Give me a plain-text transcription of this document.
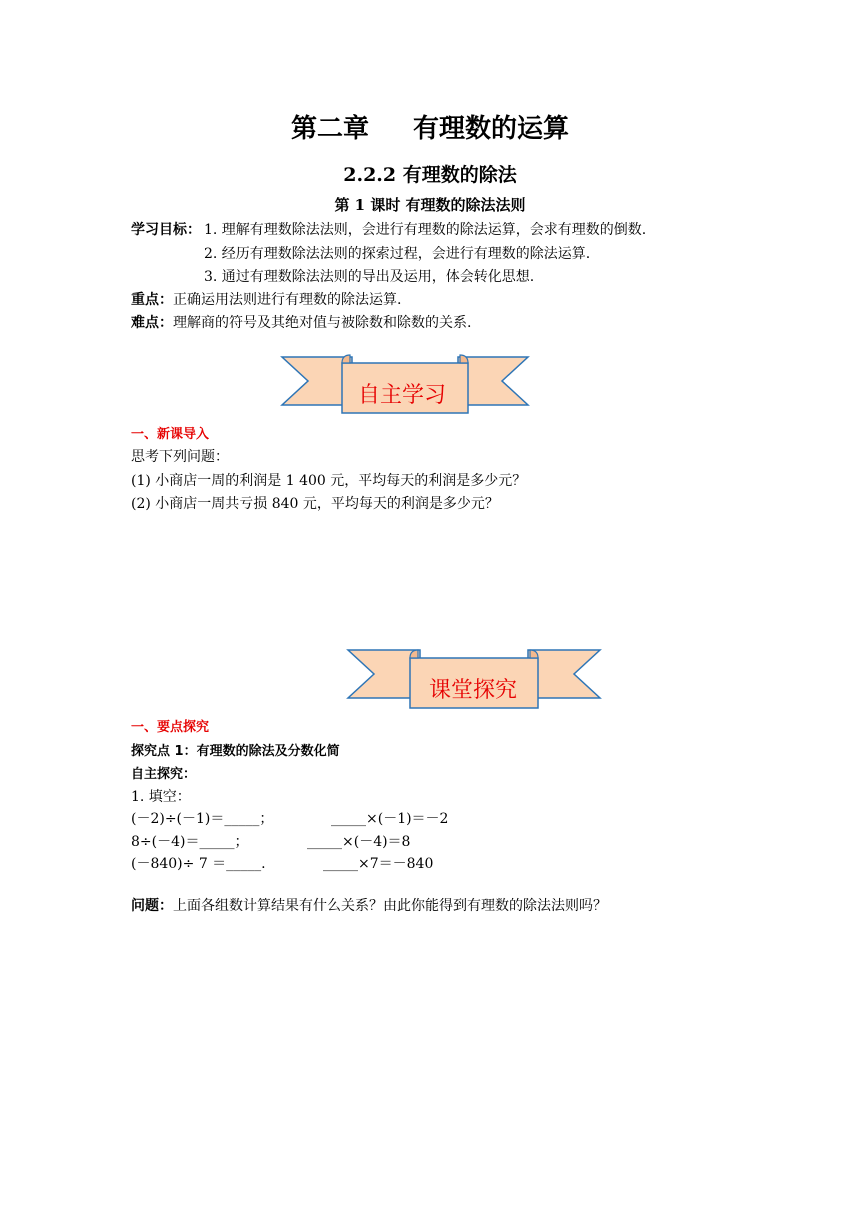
第二章 有理数的运算
2.2.2 有理数的除法
第 1 课时 有理数的除法法则
学习目标： 1. 理解有理数除法法则，会进行有理数的除法运算，会求有理数的倒数.
2. 经历有理数除法法则的探索过程，会进行有理数的除法运算.
3. 通过有理数除法法则的导出及运用，体会转化思想.
重点：正确运用法则进行有理数的除法运算.
难点：理解商的符号及其绝对值与被除数和除数的关系.
自主学习
一、新课导入
思考下列问题：
(1) 小商店一周的利润是 1 400 元，平均每天的利润是多少元？
(2) 小商店一周共亏损 840 元，平均每天的利润是多少元？
课堂探究
一、要点探究
探究点 1：有理数的除法及分数化简
自主探究：
1. 填空：
(－2)÷(－1)＝_____；	_____×(－1)＝－2
8÷(－4)＝_____；	_____×(－4)＝8
(－840)÷ 7 ＝_____.	_____×7＝－840
问题：上面各组数计算结果有什么关系？由此你能得到有理数的除法法则吗？
